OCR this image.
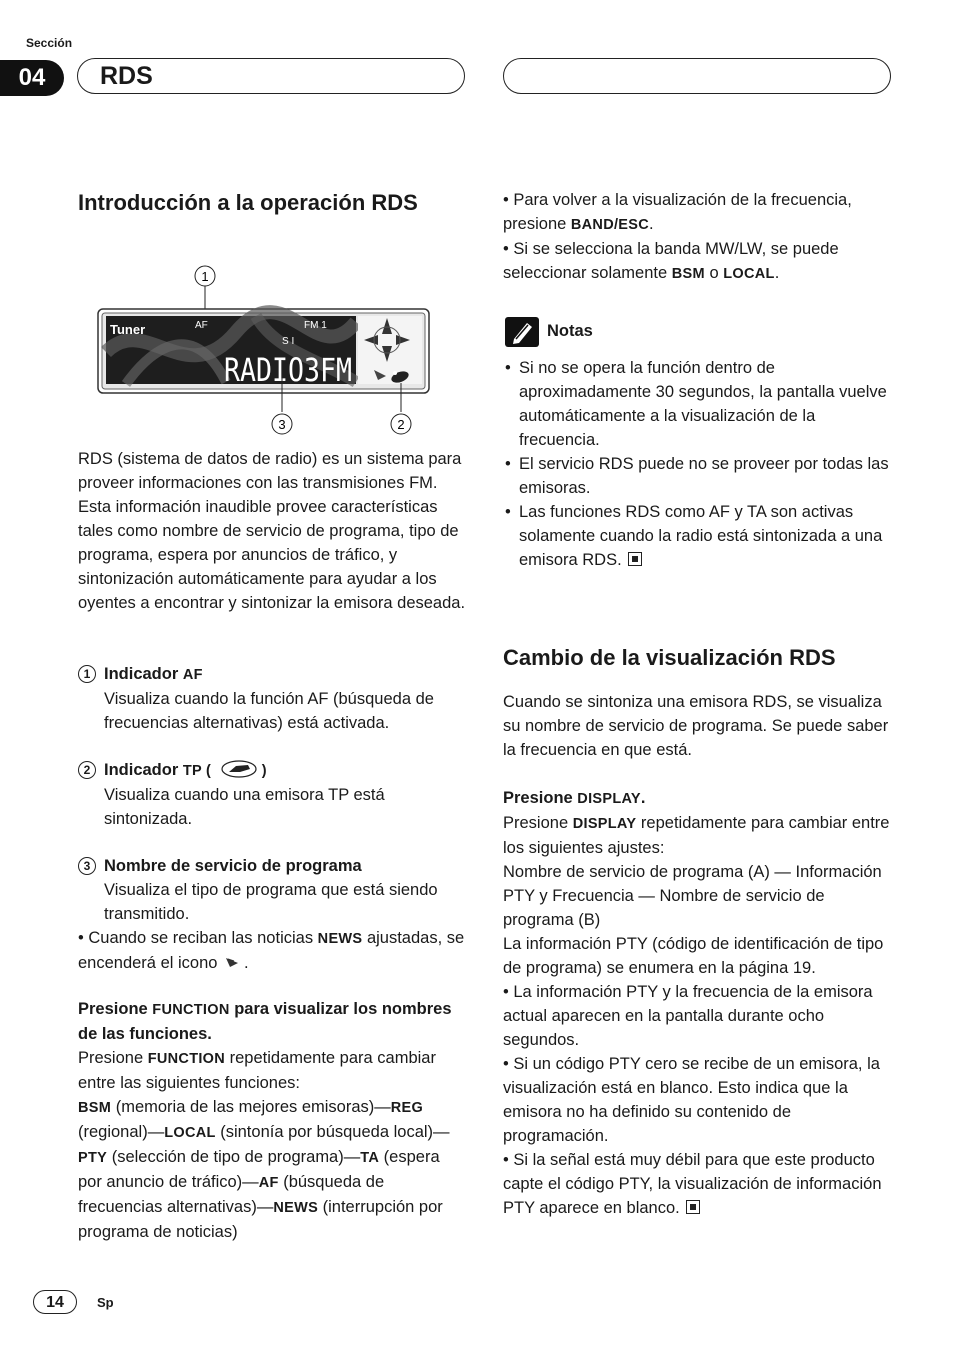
Sección
04	RDS
Introducción a la operación RDS
1
Tuner	AF	FM 1
S I
RADIO3FM
3	2
RDS (sistema de datos de radio) es un sistema para proveer informaciones con las transmisiones FM. Esta información inaudible provee características tales como nombre de servicio de programa, tipo de programa, espera por anuncios de tráfico, y sintonización automáticamente para ayudar a los oyentes a encontrar y sintonizar la emisora deseada.
1 Indicador AF
Visualiza cuando la función AF (búsqueda de frecuencias alternativas) está activada.
2 Indicador TP (	)
Visualiza cuando una emisora TP está sintonizada.
3 Nombre de servicio de programa
Visualiza el tipo de programa que está siendo transmitido.
• Cuando se reciban las noticias NEWS ajustadas, se encenderá el icono .
Presione FUNCTION para visualizar los nombres de las funciones.
Presione FUNCTION repetidamente para cambiar entre las siguientes funciones:
BSM (memoria de las mejores emisoras)—REG (regional)—LOCAL (sintonía por búsqueda local)—PTY (selección de tipo de programa)—TA (espera por anuncio de tráfico)—AF (búsqueda de frecuencias alternativas)—NEWS (interrupción por programa de noticias)

• Para volver a la visualización de la frecuencia, presione BAND/ESC.

• Si se selecciona la banda MW/LW, se puede seleccionar solamente BSM o LOCAL.

Notas
• Si no se opera la función dentro de aproximadamente 30 segundos, la pantalla vuelve automáticamente a la visualización de la frecuencia.
• El servicio RDS puede no se proveer por todas las emisoras.
• Las funciones RDS como AF y TA son activas solamente cuando la radio está sintonizada a una emisora RDS.
Cambio de la visualización RDS
Cuando se sintoniza una emisora RDS, se visualiza su nombre de servicio de programa. Se puede saber la frecuencia en que está.
Presione DISPLAY.
Presione DISPLAY repetidamente para cambiar entre los siguientes ajustes:
Nombre de servicio de programa (A) — Información PTY y Frecuencia — Nombre de servicio de programa (B)
La información PTY (código de identificación de tipo de programa) se enumera en la página 19.
• La información PTY y la frecuencia de la emisora actual aparecen en la pantalla durante ocho segundos.
• Si un código PTY cero se recibe de un emisora, la visualización está en blanco. Esto indica que la emisora no ha definido su contenido de programación.
• Si la señal está muy débil para que este producto capte el código PTY, la visualización de información PTY aparece en blanco.
14	Sp
